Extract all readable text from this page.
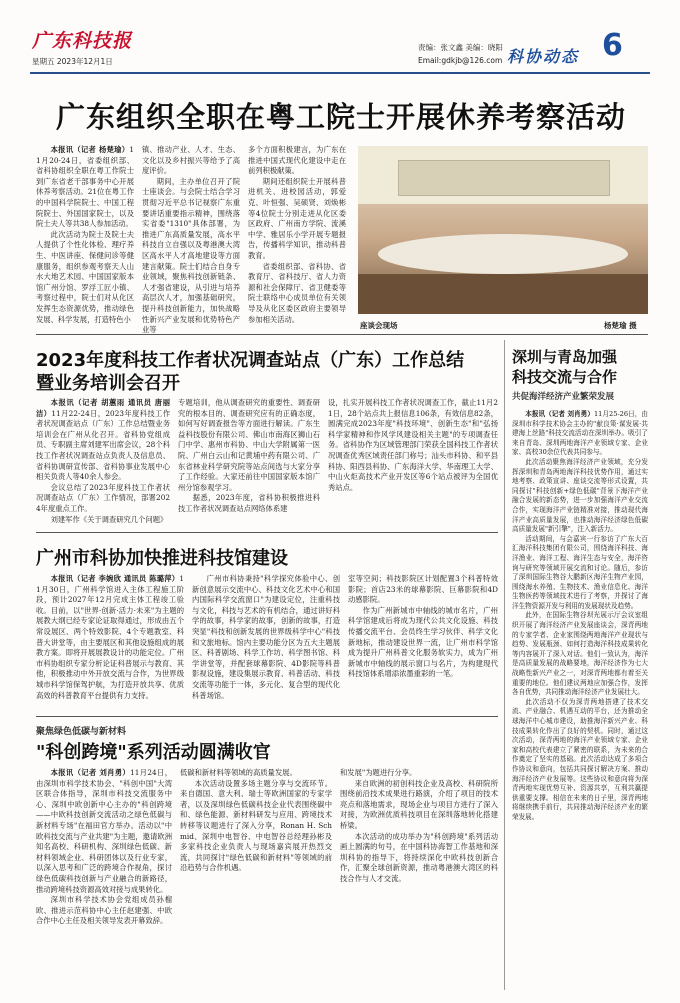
广东科技报
星期五 2023年12月1日
责编：张文鑫 美编：晓阳
Email:gdkjb@126.com 科协动态 6
广东组织全职在粤工院士开展休养考察活动

本报讯（记者 杨楚瑜）11月20-24日，省委组织部、省科协组织全职在粤工作院士到广东省老干部事务中心开展休养考察活动。21位在粤工作的中国科学院院士、中国工程院院士、外国国家院士，以及院士夫人等共38人参加活动。

此次活动为院士及院士夫人提供了个性化体检、理疗养生、中医讲座、保健问诊等健康服务，组织参观考察天人山水大地艺术园、中国国家版本馆广州分馆、罗浮工匠小镇、考察过程中，院士们对从化区发挥生态资源优势，推动绿色发展、科学发展，打造特色小

镇、推动产业、人才、生态、文化以及乡村振兴等给予了高度评价。

期间，主办单位召开了院士座谈会。与会院士结合学习贯彻习近平总书记视察广东重要讲话重要指示精神，围绕落实省委"1310"具体部署，为推进广东高质量发展，高水平科技自立自强以及粤港澳大湾区高水平人才高地建设等方面建言献策。院士们结合自身专业领域，聚焦科技创新链条、人才强省建设，从引进与培养高层次人才，加强基础研究，提升科技创新能力，加快战略性新兴产业发展和优势特色产业等

多个方面积极建言，为广东在推进中国式现代化建设中走在前列积极献策。

期间还组织院士开展科普进机关、进校园活动，郭爱克、叶恒强、吴硕贤、刘焕彬等4位院士分别走进从化区委区政府、广州南方学院、流溪中学、雅居乐小学开展专题报告，传播科学知识，推动科普教育。

省委组织部、省科协、省教育厅、省科技厅、省人力资源和社会保障厅、省卫健委等院士联络中心成员单位有关领导及从化区委区政府主要领导参加相关活动。

座谈会现场	杨楚瑜 摄
2023年度科技工作者状况调查站点（广东）工作总结
暨业务培训会召开

本报讯（记者 胡蕙雨 通讯员 唐丽洁）11月22-24日，2023年度科技工作者状况调查站点（广东）工作总结暨业务培训会在广州从化召开。省科协党组成员、专职副主席刘建军出席会议，28个科技工作者状况调查站点负责人及信息员、省科协调研宣传部、省科协事业发展中心相关负责人等40余人参会。

会议总结了2023年度科技工作者状况调查站点（广东）工作情况，部署2024年度重点工作。

刘建军作《关于调查研究几个问题》

专题培训，他从调查研究的重要性、调查研究的根本目的、调查研究应有的正确态度，如何写好调查报告等方面进行解读。广东生益科技股份有限公司、佛山市南海区狮山石门中学、惠州市科协、中山大学附属第一医院、广州白云山和记黄埔中药有限公司、广东省林业科学研究院等站点间选与大家分享了工作经验。大家还前往中国国家版本馆广州分馆参观学习。

据悉，2023年度，省科协积极推进科技工作者状况调查站点网络体系建

设，扎实开展科技工作者状况调查工作，截止11月21日，28个站点共上报信息106条，有效信息82条，圆满完成2023年度"科技环境"、创新生态"和"弘扬科学家精神和作风学风建设相关主题"的专项调查任务。省科协作为区域管理部门荣获全国科技工作者状况调查优秀区域责任部门称号；汕头市科协、和平县科协、阳西县科协、广东海洋大学、华南理工大学、中山火炬高技术产业开发区等6个站点被评为全国优秀站点。

广州市科协加快推进科技馆建设

本报讯（记者 李婉欣 通讯员 陈璐萍）11月30日，广州科学馆进入主体工程施工阶段，预计2027年12月完成主体工程竣工验收。目前，以"世界·创新·活力·未来"为主题的展教大纲已经专家论证取得通过，形成由五个常设展区、两个特效影院、4个专题教室、科普大讲堂等，由主要展区和其他设施组成的展教方案。即将开展展教设计的功能定位。广州市科协组织专家分析论证科普展示与教育、其他，积极推动中外开放交流与合作，为世界级城市科学馆保驾护航，为打造开放共享、优质高效的科普教育平台提供有力支持。

广州市科协秉持"科学探究体验中心、创新创意展示交流中心、科技文化艺术中心和国内国际科学交流窗口"为建设定位，注重科技与文化，科技与艺术的有机结合，通过讲好科学的故事，科学家的故事，创新的故事，打造突显"科技和创新发展的世界级科学中心"科技和文旅地标。馆内主要功能分区为五大主题展区、科普剧场、科学工作坊、科学图书馆、科学讲堂等，并配套球幕影院、4D影院等科普影视设施，建设集展示教育、科普活动、科技交流等功能于一体，多元化、复合型的现代化科普场馆。

室等空间；科技影院区计划配置3个科普特效影院；首店23米的球幕影院、巨幕影院和4D动感影院。

作为广州新城市中轴线的城市名片，广州科学馆建成后将成为现代公共文化设施、科技传播交流平台、会员终生学习伙伴、科学文化新地标，推动建设世界一流，让广州市科学馆成为提升广州科普文化服务软实力，成为广州新城市中轴线的展示窗口与名片，为构建现代科技馆体系增添浓墨重彩的一笔。

聚焦绿色低碳与新材料
"科创跨境"系列活动圆满收官

本报讯（记者 刘肖勇）11月24日，由深圳市科学技术协会、"科创中国"大湾区联合体指导，深圳市科技交流服务中心、深圳中欧创新中心主办的"科创跨境——中欧科技创新交流活动之绿色低碳与新材料专场"在福田官方举办。活动以"中欧科技交流与产业共建"为主题，邀请欧洲知名高校、科研机构、深圳绿色低碳、新材料领域企业、科研团体以及行业专家，以深入思考和广泛的跨境合作视角，探讨绿色低碳科技创新与产业融合的新路径，推动跨境科技资源高效对接与成果转化。

深圳市科学技术协会党组成员孙榴欧、推进示范科协中心主任赵建强、中欧合作中心主任及相关领导发表开幕致辞。

低碳和新材料等领域的高质量发展。

本次活动设置多场主题分享与交流环节。来自德国、意大利、瑞士等欧洲国家的专家学者，以及深圳绿色低碳科技企业代表围绕碳中和、绿色能源、新材料研发与应用、跨境技术转移等议题进行了深入分享，Ronan H. Schmid、深圳中电智谷、中电智谷总经理孙彬及多家科技企业负责人与现场嘉宾展开热烈交流，共同探讨"绿色低碳和新材料"等领域的前沿趋势与合作机遇。

和发展"为题进行分享。

来自欧洲的初创科技企业及高校、科研院所围绕前沿技术成果进行路演，介绍了项目的技术亮点和落地需求，现场企业与项目方进行了深入对接，为欧洲优质科技项目在深圳落地转化搭建桥梁。

本次活动的成功举办为"科创跨境"系列活动画上圆满的句号，在中国科协海智工作基地和深圳科协的指导下，将持续深化中欧科技创新合作，汇聚全球创新资源，推动粤港澳大湾区的科技合作与人才交流。

深圳与青岛加强
科技交流与合作
共促海洋经济产业繁荣发展

本报讯（记者 刘肖勇）11月25-26日，由深圳市科学技术协会主办的"献良策·谋发展·共建海上丝路"科技交流活动在深圳举办。吸引了来自青岛、深圳两地海洋产业领域专家、企业家、高校30余位代表共同参与。

此次活动聚焦海洋经济产业领域，充分发挥深圳和青岛两地海洋科技优势作用，通过实地考察、政策宣讲、座谈交流等形式设置，共同探讨"科技创新+绿色低碳"背景下海洋产业融合发展的新态势，进一步加强海洋产业交流合作，实现海洋产业链精准对接，推动现代海洋产业高质量发展，也推动海洋经济绿色低碳高质量发展"新引擎"，注入新活力。

活动期间，与会嘉宾一行参访了广东大百汇海洋科技集团有限公司，围绕海洋科技、海洋渔业、海洋工程、海洋生态与安全，海洋咨询与研究等领域开展交流和讨论。随后，参访了深圳国际生物谷大鹏新区海洋生物产业园，围绕海水养殖、生物技术、渔业信息化、海洋生物医药等领域技术进行了考察，并探讨了海洋生物资源开发与利用的发展现状及趋势。

此外，在国际生物谷坝光展示厅会议室组织开展了海洋经济产业发展座谈会，深青两地的专家学者、企业家围绕两地海洋产业现状与趋势、发展瓶颈、如何打造海洋科技成果转化等内容展开了深入对话。他们一致认为，海洋是高质量发展的战略要地，海洋经济作为七大战略性新兴产业之一，对深青两地都有着至关重要的地位。他们建议两地应加强合作，发挥各自优势，共同推动海洋经济产业发展壮大。

此次活动不仅为深青两地搭建了技术交流、产业融合、机遇互动的平台，还为推动全球海洋中心城市建设，助推海洋新兴产业、科技成果转化作出了良好的契机。同时，通过这次活动，深青两地的海洋产业领域专家、企业家和高校代表建立了紧密的联系，为未来的合作奠定了坚实的基础。此次活动达成了多项合作协议和意向，包括共同探讨解决方案、推动海洋经济产业发展等。这些协议和意向将为深青两地实现优势互补、资源共享，互利共赢提供重要支撑。相信在未来的日子里，深青两地将继续携手前行，共同推动海洋经济产业的繁荣发展。
